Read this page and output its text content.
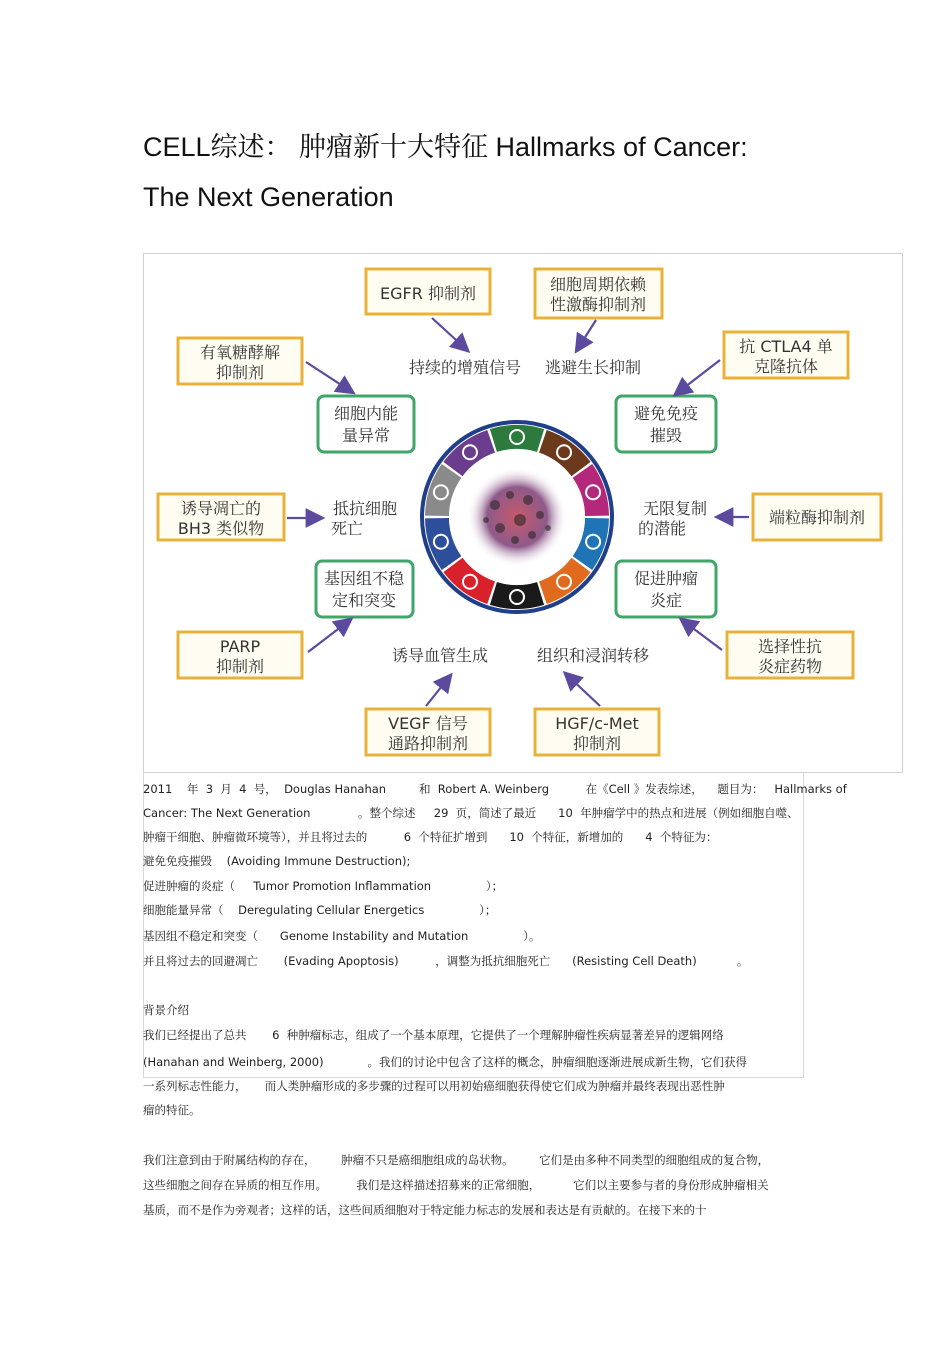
CELL综述： 肿瘤新十大特征 Hallmarks of Cancer:
The Next Generation
EGFR 抑制剂	细胞周期依赖
性激酶抑制剂
抗 CTLA4 单
克隆抗体
有氧糖酵解
抑制剂
诱导凋亡的
BH3 类似物
端粒酶抑制剂
PARP
抑制剂
选择性抗
炎症药物
VEGF 信号
通路抑制剂
HGF/c-Met
抑制剂
细胞内能
量异常
避免免疫
摧毁
基因组不稳
定和突变
促进肿瘤
炎症
持续的增殖信号 逃避生长抑制
抵抗细胞
死亡
无限复制
的潜能
诱导血管生成	组织和浸润转移
2011    年  3  月  4  号，  Douglas Hanahan         和  Robert A. Weinberg          在《Cell 》发表综述，    题目为：   Hallmarks of
Cancer: The Next Generation             。整个综述     29  页，简述了最近      10  年肿瘤学中的热点和进展（例如细胞自噬、
肿瘤干细胞、肿瘤微环境等），并且将过去的          6  个特征扩增到      10  个特征，新增加的      4  个特征为：
避免免疫摧毁    (Avoiding Immune Destruction);
促进肿瘤的炎症（     Tumor Promotion Inflammation               ）；
细胞能量异常（    Deregulating Cellular Energetics               ）；
基因组不稳定和突变（      Genome Instability and Mutation               ）。
并且将过去的回避凋亡       (Evading Apoptosis)          ，调整为抵抗细胞死亡      (Resisting Cell Death)           。
背景介绍
我们已经提出了总共       6  种肿瘤标志，组成了一个基本原理，它提供了一个理解肿瘤性疾病显著差异的逻辑网络
(Hanahan and Weinberg, 2000)            。我们的讨论中包含了这样的概念，肿瘤细胞逐渐进展成新生物，它们获得
一系列标志性能力，     而人类肿瘤形成的多步骤的过程可以用初始癌细胞获得使它们成为肿瘤并最终表现出恶性肿
瘤的特征。
我们注意到由于附属结构的存在，       肿瘤不只是癌细胞组成的岛状物。       它们是由多种不同类型的细胞组成的复合物，
这些细胞之间存在异质的相互作用。        我们是这样描述招募来的正常细胞，         它们以主要参与者的身份形成肿瘤相关
基质，而不是作为旁观者；这样的话，这些间质细胞对于特定能力标志的发展和表达是有贡献的。在接下来的十
